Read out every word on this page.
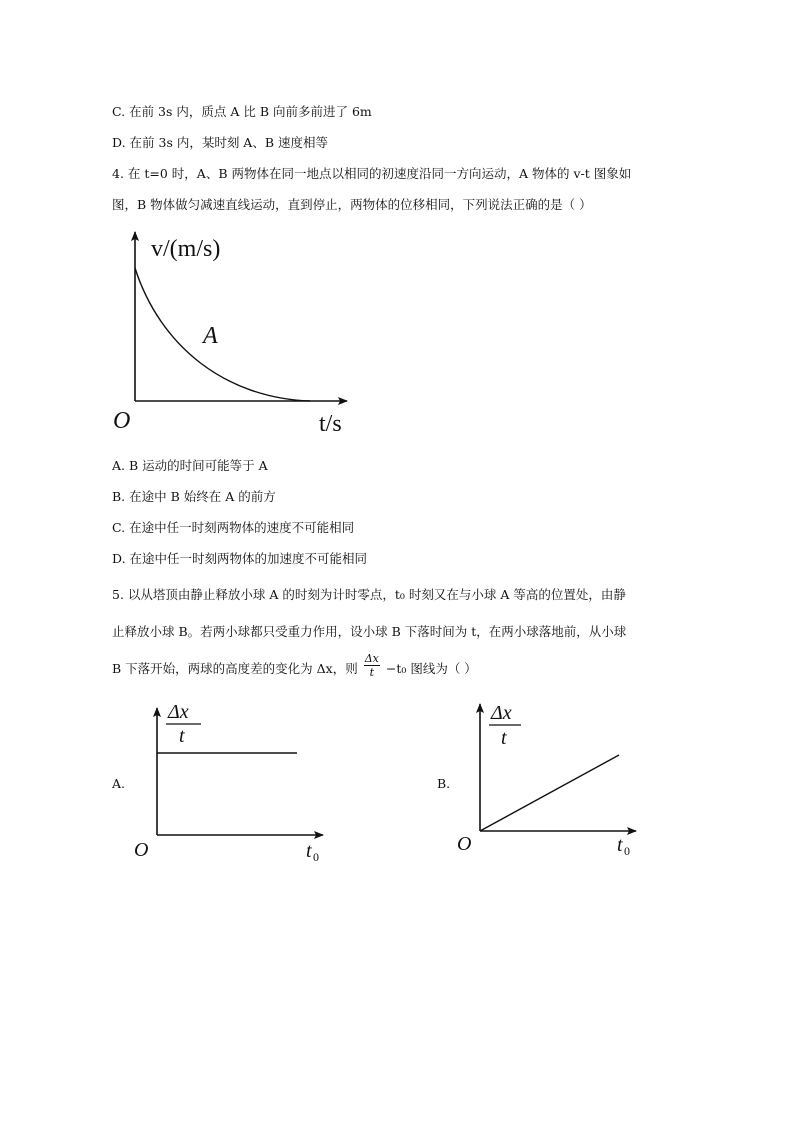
C. 在前 3s 内，质点 A 比 B 向前多前进了 6m
D. 在前 3s 内，某时刻 A、B 速度相等
4. 在 t=0 时，A、B 两物体在同一地点以相同的初速度沿同一方向运动，A 物体的 v-t 图象如
图，B 物体做匀减速直线运动，直到停止，两物体的位移相同，下列说法正确的是（ ）
v/(m/s)
t/s
O
A
A. B 运动的时间可能等于 A
B. 在途中 B 始终在 A 的前方
C. 在途中任一时刻两物体的速度不可能相同
D. 在途中任一时刻两物体的加速度不可能相同
5. 以从塔顶由静止释放小球 A 的时刻为计时零点，t₀ 时刻又在与小球 A 等高的位置处，由静
止释放小球 B。若两小球都只受重力作用，设小球 B 下落时间为 t，在两小球落地前，从小球
B 下落开始，两球的高度差的变化为 Δx，则 $\frac{\Delta x}{t} -t_0$ 图线为（ ）
A.
Δx
t
t 0
O
B.
Δx
t
t 0
O
